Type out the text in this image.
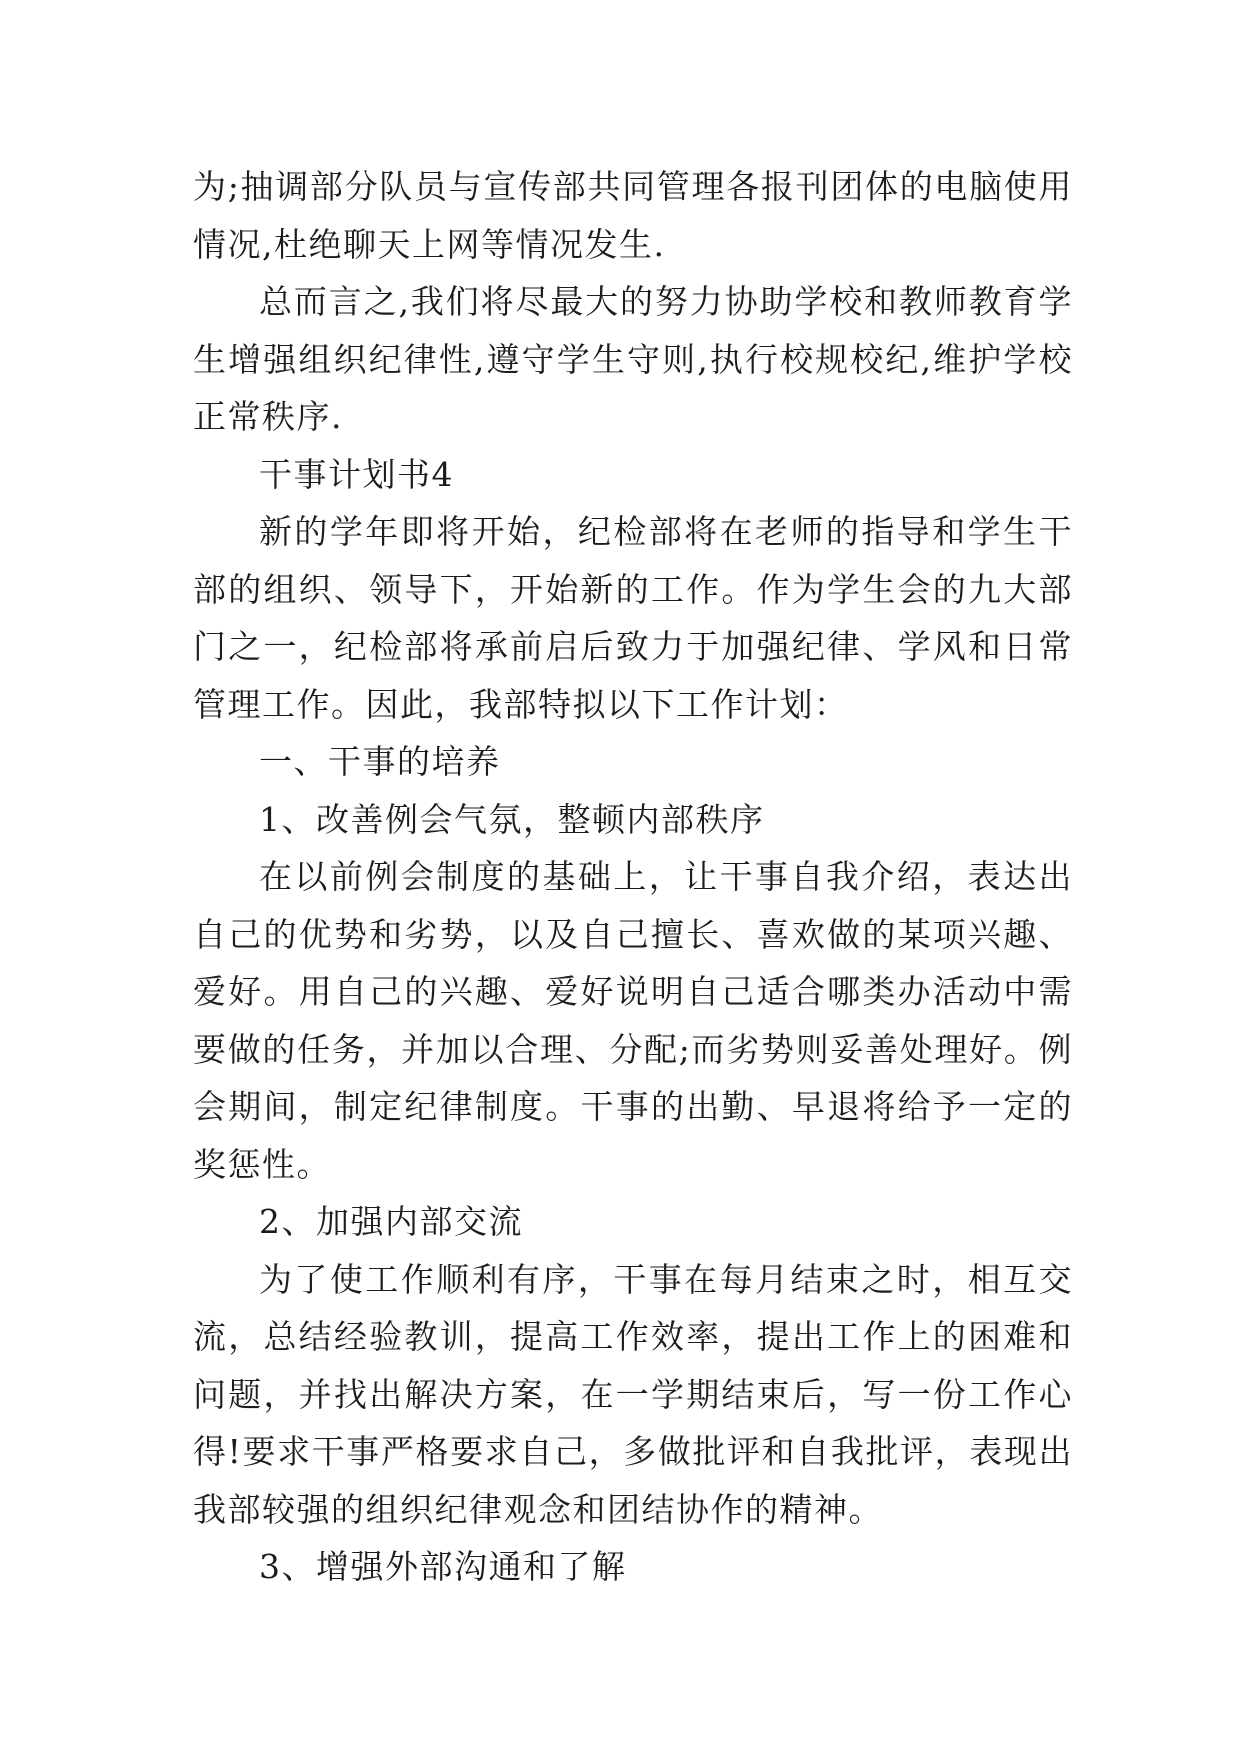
为;抽调部分队员与宣传部共同管理各报刊团体的电脑使用情况,杜绝聊天上网等情况发生.

总而言之,我们将尽最大的努力协助学校和教师教育学生增强组织纪律性,遵守学生守则,执行校规校纪,维护学校正常秩序.

干事计划书4

新的学年即将开始，纪检部将在老师的指导和学生干部的组织、领导下，开始新的工作。作为学生会的九大部门之一，纪检部将承前启后致力于加强纪律、学风和日常管理工作。因此，我部特拟以下工作计划：

一、干事的培养

1、改善例会气氛，整顿内部秩序

在以前例会制度的基础上，让干事自我介绍，表达出自己的优势和劣势，以及自己擅长、喜欢做的某项兴趣、爱好。用自己的兴趣、爱好说明自己适合哪类办活动中需要做的任务，并加以合理、分配;而劣势则妥善处理好。例会期间，制定纪律制度。干事的出勤、早退将给予一定的奖惩性。

2、加强内部交流

为了使工作顺利有序，干事在每月结束之时，相互交流，总结经验教训，提高工作效率，提出工作上的困难和问题，并找出解决方案，在一学期结束后，写一份工作心得!要求干事严格要求自己，多做批评和自我批评，表现出我部较强的组织纪律观念和团结协作的精神。

3、增强外部沟通和了解
